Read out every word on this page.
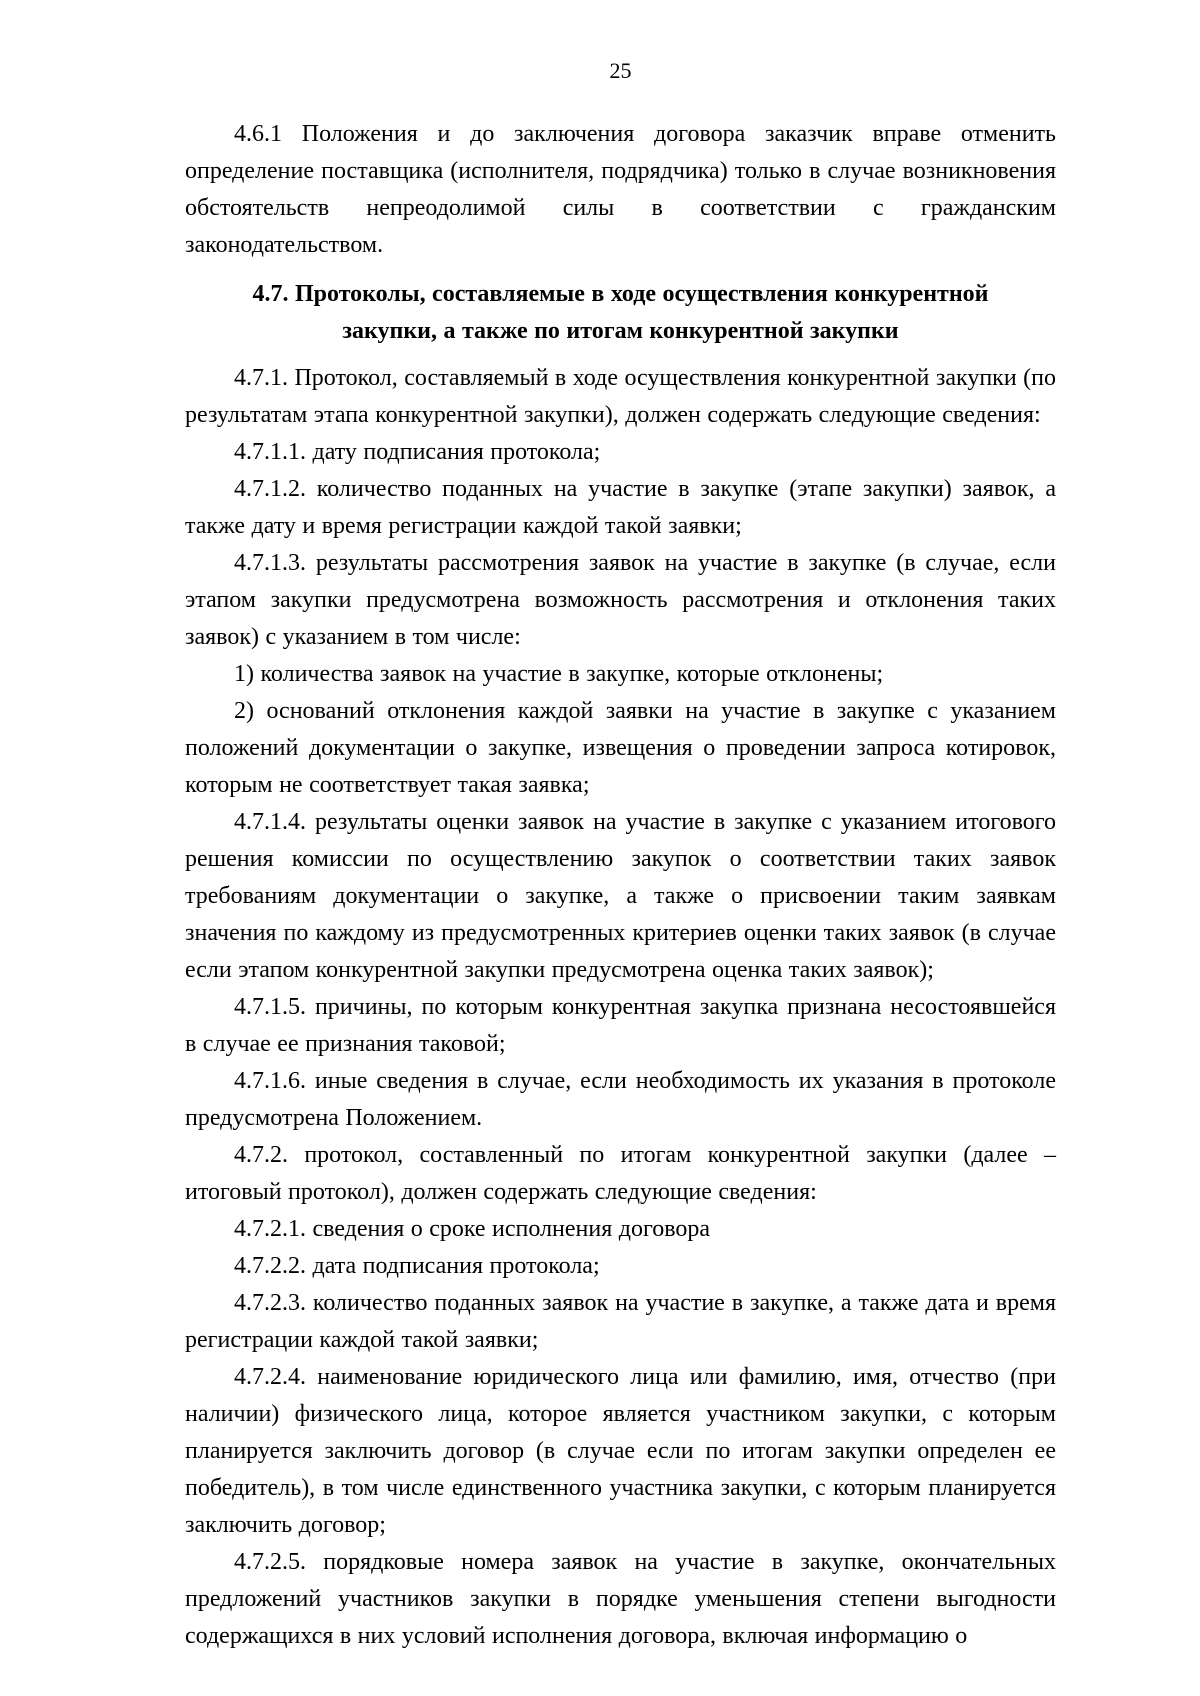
25

4.6.1 Положения и до заключения договора заказчик вправе отменить определение поставщика (исполнителя, подрядчика) только в случае возникновения обстоятельств непреодолимой силы в соответствии с гражданским законодательством.

4.7. Протоколы, составляемые в ходе осуществления конкурентной закупки, а также по итогам конкурентной закупки

4.7.1. Протокол, составляемый в ходе осуществления конкурентной закупки (по результатам этапа конкурентной закупки), должен содержать следующие сведения:

4.7.1.1. дату подписания протокола;

4.7.1.2. количество поданных на участие в закупке (этапе закупки) заявок, а также дату и время регистрации каждой такой заявки;

4.7.1.3. результаты рассмотрения заявок на участие в закупке (в случае, если этапом закупки предусмотрена возможность рассмотрения и отклонения таких заявок) с указанием в том числе:

1) количества заявок на участие в закупке, которые отклонены;

2) оснований отклонения каждой заявки на участие в закупке с указанием положений документации о закупке, извещения о проведении запроса котировок, которым не соответствует такая заявка;

4.7.1.4. результаты оценки заявок на участие в закупке с указанием итогового решения комиссии по осуществлению закупок о соответствии таких заявок требованиям документации о закупке, а также о присвоении таким заявкам значения по каждому из предусмотренных критериев оценки таких заявок (в случае если этапом конкурентной закупки предусмотрена оценка таких заявок);

4.7.1.5. причины, по которым конкурентная закупка признана несостоявшейся в случае ее признания таковой;

4.7.1.6. иные сведения в случае, если необходимость их указания в протоколе предусмотрена Положением.

4.7.2. протокол, составленный по итогам конкурентной закупки (далее – итоговый протокол), должен содержать следующие сведения:

4.7.2.1. сведения о сроке исполнения договора

4.7.2.2. дата подписания протокола;

4.7.2.3. количество поданных заявок на участие в закупке, а также дата и время регистрации каждой такой заявки;

4.7.2.4. наименование юридического лица или фамилию, имя, отчество (при наличии) физического лица, которое является участником закупки, с которым планируется заключить договор (в случае если по итогам закупки определен ее победитель), в том числе единственного участника закупки, с которым планируется заключить договор;

4.7.2.5. порядковые номера заявок на участие в закупке, окончательных предложений участников закупки в порядке уменьшения степени выгодности содержащихся в них условий исполнения договора, включая информацию о
